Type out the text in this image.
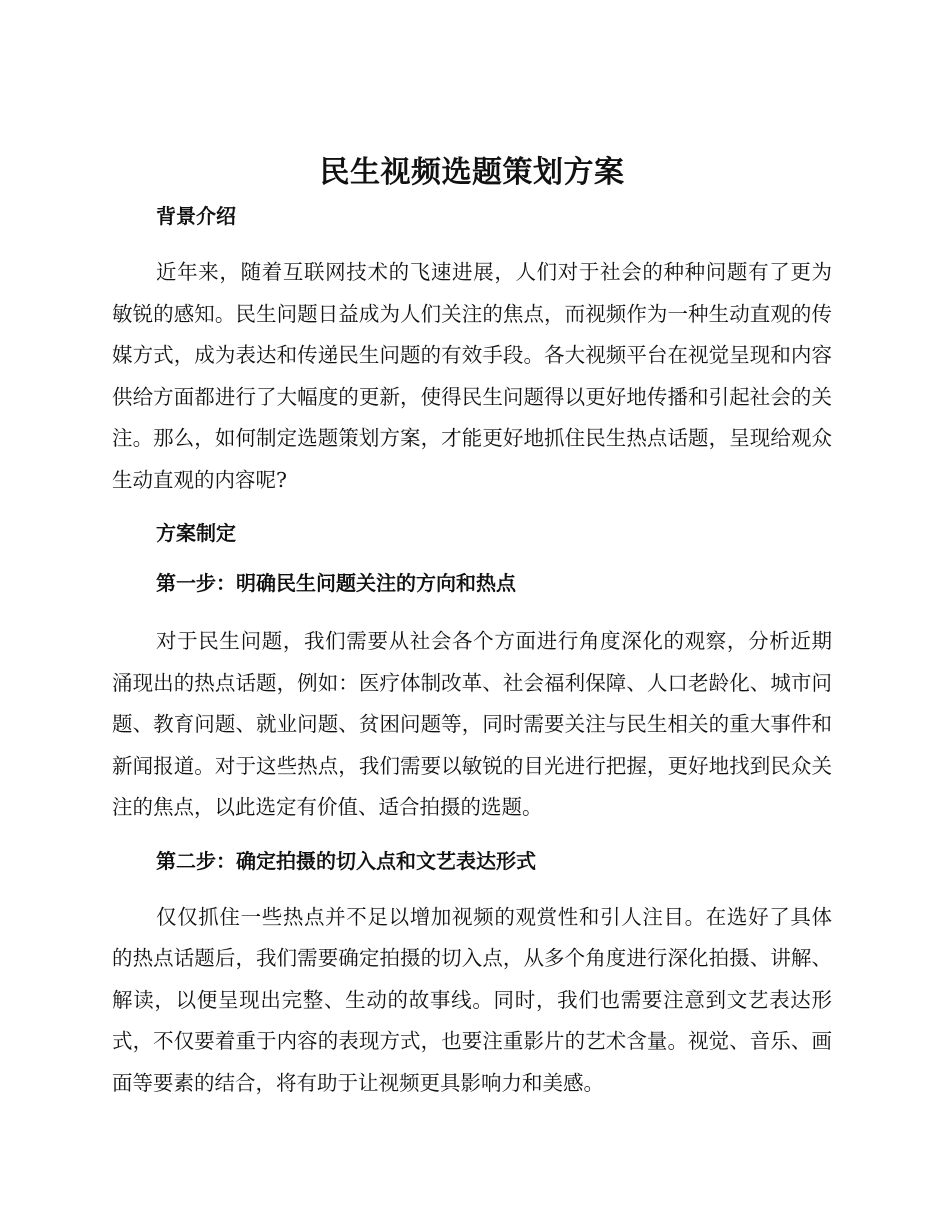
民生视频选题策划方案
背景介绍

近年来，随着互联网技术的飞速进展，人们对于社会的种种问题有了更为敏锐的感知。民生问题日益成为人们关注的焦点，而视频作为一种生动直观的传媒方式，成为表达和传递民生问题的有效手段。各大视频平台在视觉呈现和内容供给方面都进行了大幅度的更新，使得民生问题得以更好地传播和引起社会的关注。那么，如何制定选题策划方案，才能更好地抓住民生热点话题，呈现给观众生动直观的内容呢?

方案制定
第一步：明确民生问题关注的方向和热点

对于民生问题，我们需要从社会各个方面进行角度深化的观察，分析近期涌现出的热点话题，例如：医疗体制改革、社会福利保障、人口老龄化、城市问题、教育问题、就业问题、贫困问题等，同时需要关注与民生相关的重大事件和新闻报道。对于这些热点，我们需要以敏锐的目光进行把握，更好地找到民众关注的焦点，以此选定有价值、适合拍摄的选题。

第二步：确定拍摄的切入点和文艺表达形式

仅仅抓住一些热点并不足以增加视频的观赏性和引人注目。在选好了具体的热点话题后，我们需要确定拍摄的切入点，从多个角度进行深化拍摄、讲解、解读，以便呈现出完整、生动的故事线。同时，我们也需要注意到文艺表达形式，不仅要着重于内容的表现方式，也要注重影片的艺术含量。视觉、音乐、画面等要素的结合，将有助于让视频更具影响力和美感。
